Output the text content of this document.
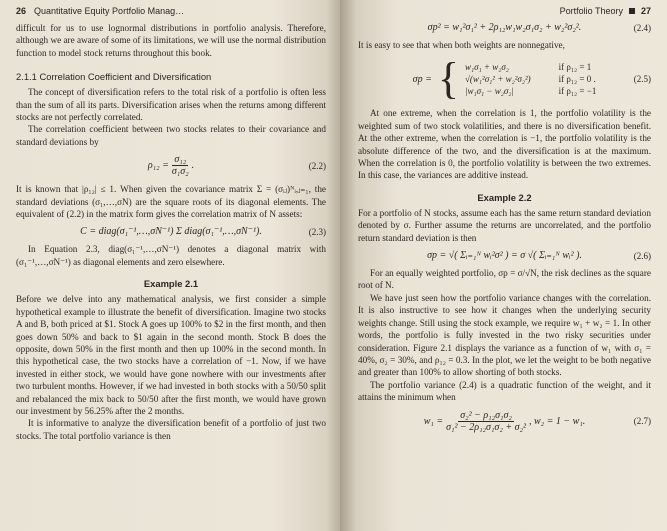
26 Quantitative Equity Portfolio Manag…

difficult for us to use lognormal distributions in portfolio analysis. Therefore, although we are aware of some of its limitations, we will use the normal distribution function to model stock returns throughout this book.

2.1.1 Correlation Coefficient and Diversification

The concept of diversification refers to the total risk of a portfolio is often less than the sum of all its parts. Diversification arises when the returns among different stocks are not perfectly correlated.

The correlation coefficient between two stocks relates to their covariance and standard deviations by

$\rho_{12} = \frac{\text{σ₁₂}}{\text{σ₁σ₂}}$ .	(2.2)

It is known that |ρ₁₂| ≤ 1. When given the covariance matrix Σ = (σᵢⱼ)ᴺᵢ,ⱼ₌₁, the standard deviations (σ₁,…,σN) are the square roots of its diagonal elements. The equivalent of (2.2) in the matrix form gives the correlation matrix of N assets:

C = diag(σ₁⁻¹,…,σN⁻¹) Σ diag(σ₁⁻¹,…,σN⁻¹).	(2.3)

In Equation 2.3, diag(σ₁⁻¹,…,σN⁻¹) denotes a diagonal matrix with (σ₁⁻¹,…,σN⁻¹) as diagonal elements and zero elsewhere.

Example 2.1

Before we delve into any mathematical analysis, we first consider a simple hypothetical example to illustrate the benefit of diversification. Imagine two stocks A and B, both priced at $1. Stock A goes up 100% to $2 in the first month, and then goes down 50% and back to $1 again in the second month. Stock B does the opposite, down 50% in the first month and then up 100% in the second month. In this hypothetical case, the two stocks have a correlation of −1. Now, if we have invested in either stock, we would have gone nowhere with our investments after two turbulent months. However, if we had invested in both stocks with a 50/50 split and rebalanced the mix back to 50/50 after the first month, we would have grown our investment by 56.25% after the 2 months.

It is informative to analyze the diversification benefit of a portfolio of just two stocks. The total portfolio variance is then

Portfolio Theory 27
σp² = w₁²σ₁² + 2ρ₁₂w₁w₂σ₁σ₂ + w₂²σ₂².	(2.4)

It is easy to see that when both weights are nonnegative,

σp = { w₁σ₁ + w₂σ₂	if ρ₁₂ = 1
√(w₁²σ₁² + w₂²σ₂²)	if ρ₁₂ = 0 .
|w₁σ₁ − w₂σ₂|	if ρ₁₂ = −1
(2.5)

At one extreme, when the correlation is 1, the portfolio volatility is the weighted sum of two stock volatilities, and there is no diversification benefit. At the other extreme, when the correlation is −1, the portfolio volatility is the absolute difference of the two, and the diversification is at the maximum. When the correlation is 0, the portfolio volatility is between the two extremes. In this case, the variances are additive instead.

Example 2.2

For a portfolio of N stocks, assume each has the same return standard deviation denoted by σ. Further assume the returns are uncorrelated, and the portfolio return standard deviation is then

σp = √( Σᵢ₌₁ᴺ wᵢ²σ² ) = σ √( Σᵢ₌₁ᴺ wᵢ² ).	(2.6)

For an equally weighted portfolio, σp = σ/√N, the risk declines as the square root of N.

We have just seen how the portfolio variance changes with the correlation. It is also instructive to see how it changes when the underlying security weights change. Still using the stock example, we require w₁ + w₂ = 1. In other words, the portfolio is fully invested in the two risky securities under consideration. Figure 2.1 displays the variance as a function of w₁ with σ₁ = 40%, σ₂ = 30%, and ρ₁₂ = 0.3. In the plot, we let the weight to be both negative and greater than 100% to allow shorting of both stocks.

The portfolio variance (2.4) is a quadratic function of the weight, and it attains the minimum when

$w_1 = \frac{\text{σ₂² − ρ₁₂σ₁σ₂}}{\text{σ₁² − 2ρ₁₂σ₁σ₂ + σ₂²}}$ , w₂ = 1 − w₁.	(2.7)
